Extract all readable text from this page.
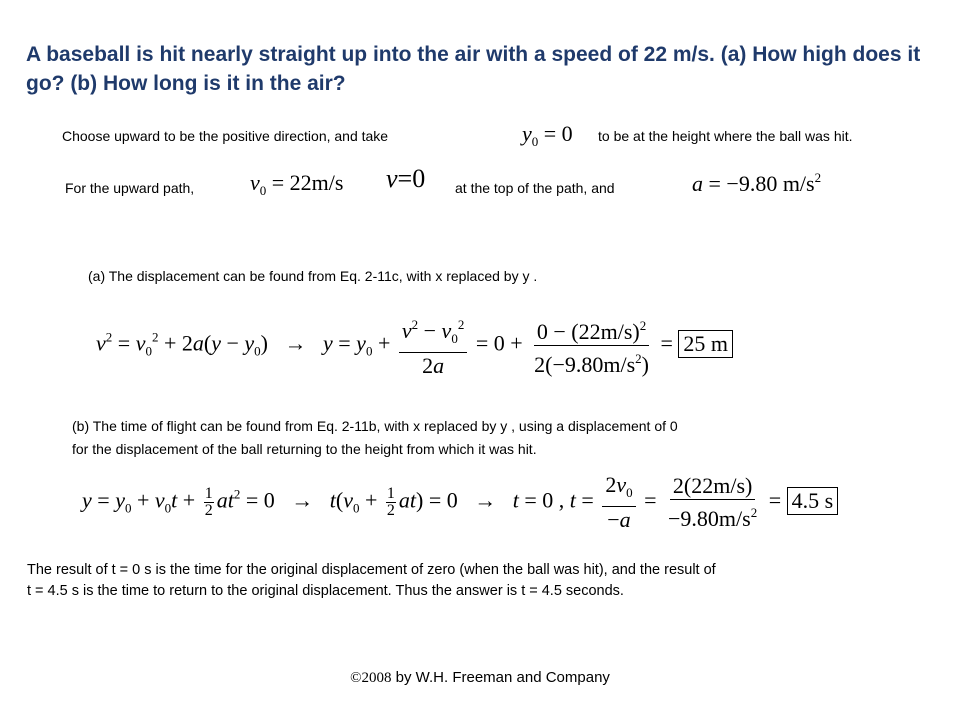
A baseball is hit nearly straight up into the air with a speed of 22 m/s. (a) How high does it go? (b) How long is it in the air?
Choose upward to be the positive direction, and take	$y_0 = 0$ to be at the height where the ball was hit.
For the upward path,	$v_0 = 22m/s$ v=0 at the top of the path, and	a = −9.80 $m/s^2$
(a) The displacement can be found from Eq. 2-11c, with x replaced by y .
$v^2 = v_0^2 + 2a(y - y_0) \to y = y_0 + \frac{v^2 - v_0^2}{2a} = 0 + \frac{0 - (22m/s)^2}{2(-9.80m/s^2)} = 25$ m
(b) The time of flight can be found from Eq. 2-11b, with x replaced by y , using a displacement of 0
for the displacement of the ball returning to the height from which it was hit.
$y = y_0 + v_0t + \frac{1}{2} at^2 = 0 \to t(v_0 + \frac{1}{2} at) = 0 \to t = 0$ , $t = \frac{2v_0}{-a} = \frac{2(22m/s)}{-9.80m/s^2} = 4.5$ s
The result of t = 0 s is the time for the original displacement of zero (when the ball was hit), and the result of
t = 4.5 s is the time to return to the original displacement. Thus the answer is t = 4.5 seconds.
©2008 by W.H. Freeman and Company
